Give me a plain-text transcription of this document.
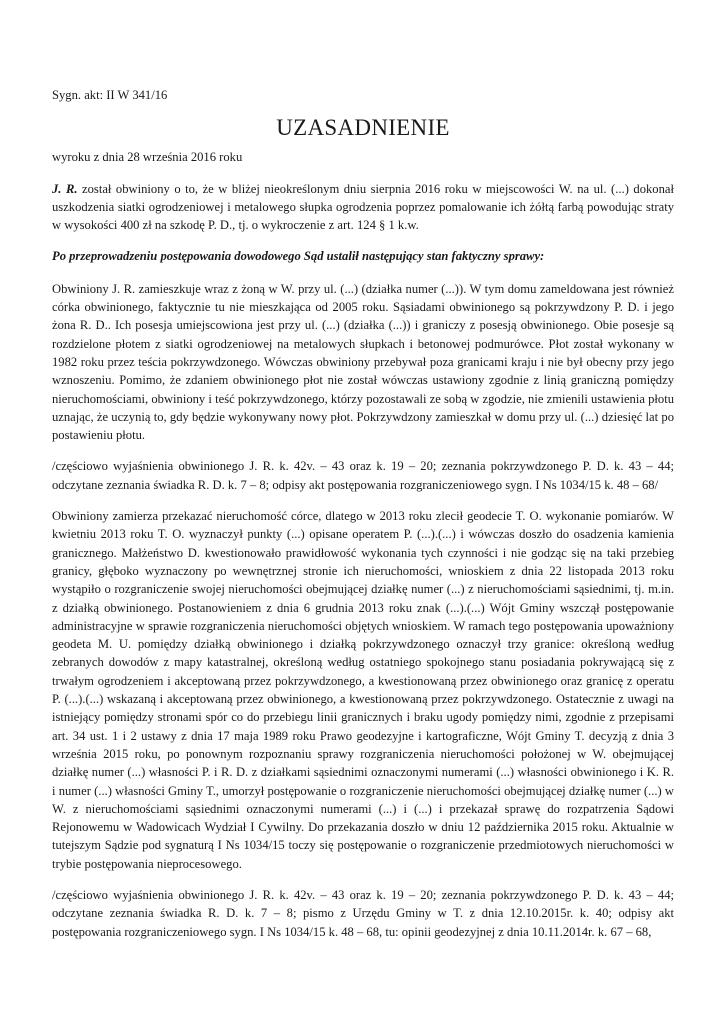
Sygn. akt: II W 341/16
UZASADNIENIE
wyroku z dnia 28 września 2016 roku

J. R. został obwiniony o to, że w bliżej nieokreślonym dniu sierpnia 2016 roku w miejscowości W. na ul. (...) dokonał uszkodzenia siatki ogrodzeniowej i metalowego słupka ogrodzenia poprzez pomalowanie ich żółtą farbą powodując straty w wysokości 400 zł na szkodę P. D., tj. o wykroczenie z art. 124 § 1 k.w.

Po przeprowadzeniu postępowania dowodowego Sąd ustalił następujący stan faktyczny sprawy:

Obwiniony J. R. zamieszkuje wraz z żoną w W. przy ul. (...) (działka numer (...)). W tym domu zameldowana jest również córka obwinionego, faktycznie tu nie mieszkająca od 2005 roku. Sąsiadami obwinionego są pokrzywdzony P. D. i jego żona R. D.. Ich posesja umiejscowiona jest przy ul. (...) (działka (...)) i graniczy z posesją obwinionego. Obie posesje są rozdzielone płotem z siatki ogrodzeniowej na metalowych słupkach i betonowej podmurówce. Płot został wykonany w 1982 roku przez teścia pokrzywdzonego. Wówczas obwiniony przebywał poza granicami kraju i nie był obecny przy jego wznoszeniu. Pomimo, że zdaniem obwinionego płot nie został wówczas ustawiony zgodnie z linią graniczną pomiędzy nieruchomościami, obwiniony i teść pokrzywdzonego, którzy pozostawali ze sobą w zgodzie, nie zmienili ustawienia płotu uznając, że uczynią to, gdy będzie wykonywany nowy płot. Pokrzywdzony zamieszkał w domu przy ul. (...) dziesięć lat po postawieniu płotu.

/częściowo wyjaśnienia obwinionego J. R. k. 42v. – 43 oraz k. 19 – 20; zeznania pokrzywdzonego P. D. k. 43 – 44; odczytane zeznania świadka R. D. k. 7 – 8; odpisy akt postępowania rozgraniczeniowego sygn. I Ns 1034/15 k. 48 – 68/

Obwiniony zamierza przekazać nieruchomość córce, dlatego w 2013 roku zlecił geodecie T. O. wykonanie pomiarów. W kwietniu 2013 roku T. O. wyznaczył punkty (...) opisane operatem P. (...).(...) i wówczas doszło do osadzenia kamienia granicznego. Małżeństwo D. kwestionowało prawidłowość wykonania tych czynności i nie godząc się na taki przebieg granicy, głęboko wyznaczony po wewnętrznej stronie ich nieruchomości, wnioskiem z dnia 22 listopada 2013 roku wystąpiło o rozgraniczenie swojej nieruchomości obejmującej działkę numer (...) z nieruchomościami sąsiednimi, tj. m.in. z działką obwinionego. Postanowieniem z dnia 6 grudnia 2013 roku znak (...).(...) Wójt Gminy wszczął postępowanie administracyjne w sprawie rozgraniczenia nieruchomości objętych wnioskiem. W ramach tego postępowania upoważniony geodeta M. U. pomiędzy działką obwinionego i działką pokrzywdzonego oznaczył trzy granice: określoną według zebranych dowodów z mapy katastralnej, określoną według ostatniego spokojnego stanu posiadania pokrywającą się z trwałym ogrodzeniem i akceptowaną przez pokrzywdzonego, a kwestionowaną przez obwinionego oraz granicę z operatu P. (...).(...) wskazaną i akceptowaną przez obwinionego, a kwestionowaną przez pokrzywdzonego. Ostatecznie z uwagi na istniejący pomiędzy stronami spór co do przebiegu linii granicznych i braku ugody pomiędzy nimi, zgodnie z przepisami art. 34 ust. 1 i 2 ustawy z dnia 17 maja 1989 roku Prawo geodezyjne i kartograficzne, Wójt Gminy T. decyzją z dnia 3 września 2015 roku, po ponownym rozpoznaniu sprawy rozgraniczenia nieruchomości położonej w W. obejmującej działkę numer (...) własności P. i R. D. z działkami sąsiednimi oznaczonymi numerami (...) własności obwinionego i K. R. i numer (...) własności Gminy T., umorzył postępowanie o rozgraniczenie nieruchomości obejmującej działkę numer (...) w W. z nieruchomościami sąsiednimi oznaczonymi numerami (...) i (...) i przekazał sprawę do rozpatrzenia Sądowi Rejonowemu w Wadowicach Wydział I Cywilny. Do przekazania doszło w dniu 12 października 2015 roku. Aktualnie w tutejszym Sądzie pod sygnaturą I Ns 1034/15 toczy się postępowanie o rozgraniczenie przedmiotowych nieruchomości w trybie postępowania nieprocesowego.

/częściowo wyjaśnienia obwinionego J. R. k. 42v. – 43 oraz k. 19 – 20; zeznania pokrzywdzonego P. D. k. 43 – 44; odczytane zeznania świadka R. D. k. 7 – 8; pismo z Urzędu Gminy w T. z dnia 12.10.2015r. k. 40; odpisy akt postępowania rozgraniczeniowego sygn. I Ns 1034/15 k. 48 – 68, tu: opinii geodezyjnej z dnia 10.11.2014r. k. 67 – 68,
